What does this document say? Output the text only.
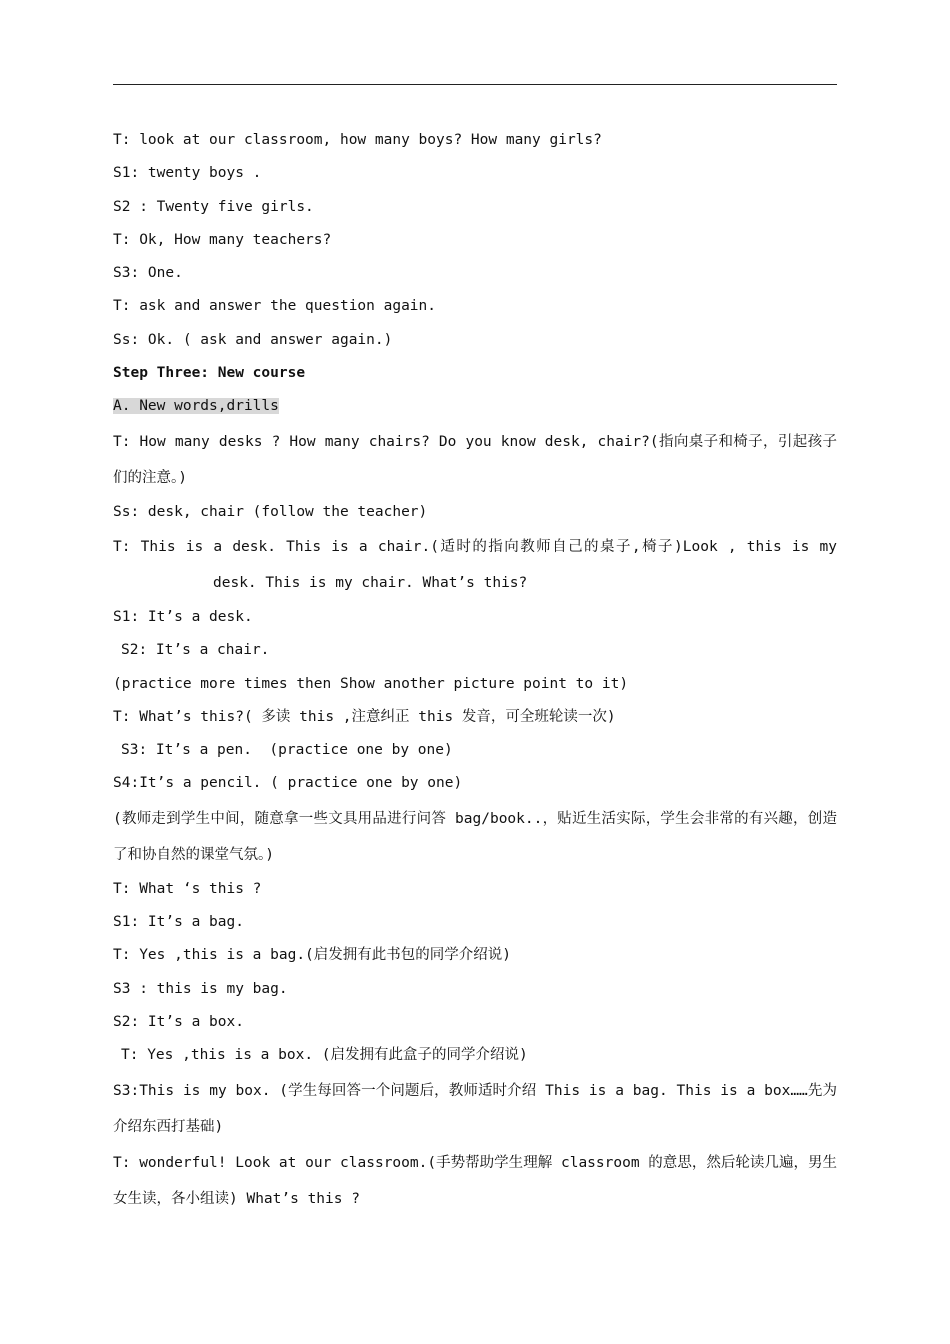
T: look at our classroom, how many boys? How many girls?
S1: twenty boys .
S2 : Twenty five girls.
T: Ok, How many teachers?
S3: One.
T: ask and answer the question again.
Ss: Ok. ( ask and answer again.)
Step Three: New course
A. New words,drills
T: How many desks ? How many chairs? Do you know desk, chair?(指向桌子和椅子，引起孩子们的注意。)
Ss: desk, chair (follow the teacher)
T: This is a desk. This is a chair.(适时的指向教师自己的桌子,椅子)Look , this is my desk. This is my chair. What’s this?
S1: It’s a desk.
S2: It’s a chair.
(practice more times then Show another picture point to it)
T: What’s this?( 多读 this ,注意纠正 this 发音，可全班轮读一次)
S3: It’s a pen.  (practice one by one)
S4:It’s a pencil. ( practice one by one)
(教师走到学生中间，随意拿一些文具用品进行问答 bag/book..，贴近生活实际，学生会非常的有兴趣，创造了和协自然的课堂气氛。)
T: What ‘s this ?
S1: It’s a bag.
T: Yes ,this is a bag.(启发拥有此书包的同学介绍说)
S3 : this is my bag.
S2: It’s a box.
T: Yes ,this is a box. (启发拥有此盒子的同学介绍说)
S3:This is my box. (学生每回答一个问题后，教师适时介绍 This is a bag. This is a box……先为介绍东西打基础)
T: wonderful! Look at our classroom.(手势帮助学生理解 classroom 的意思，然后轮读几遍，男生女生读，各小组读) What’s this ?
